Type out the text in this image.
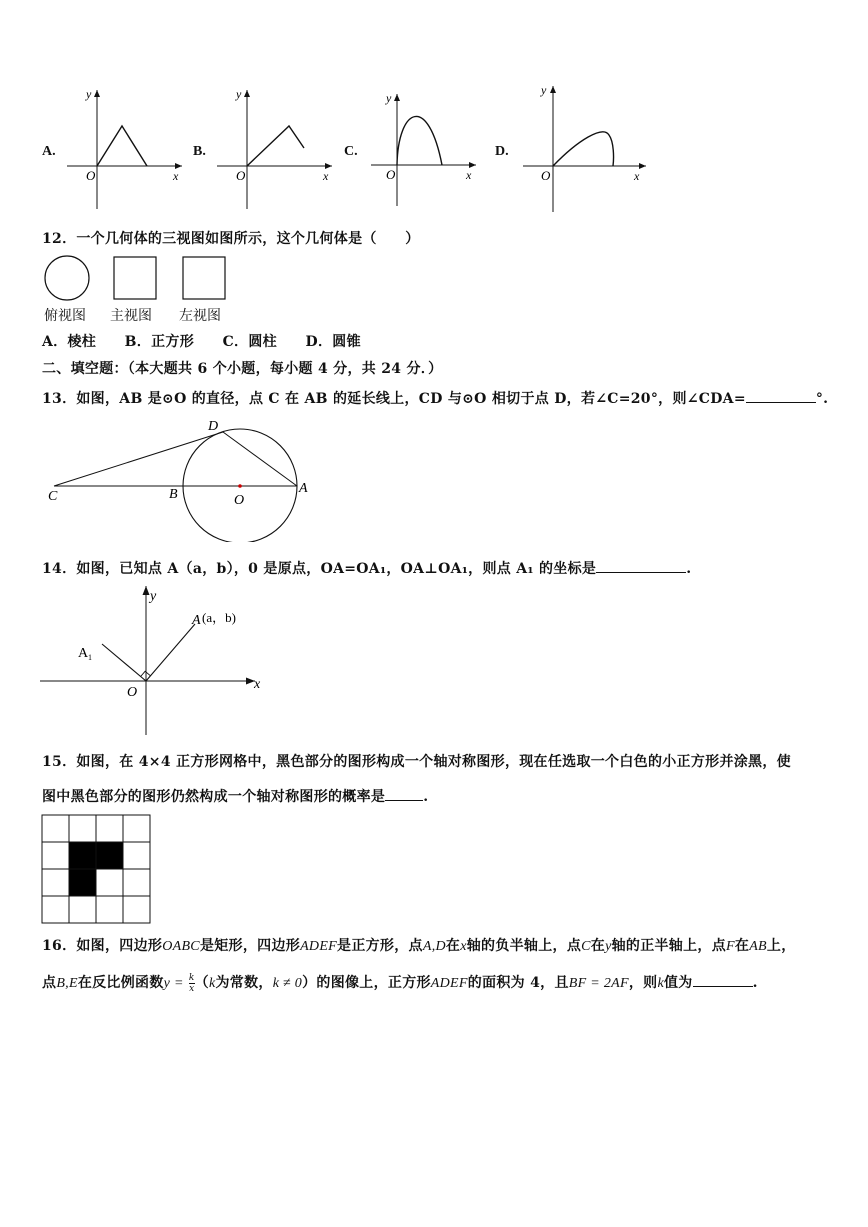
A.	B.	C.	D.
y
x
O
y
x
O
y
x
O
y
x
O
12．一个几何体的三视图如图所示，这个几何体是（　　）
俯视图 主视图 左视图
A．棱柱　　B．正方形　　C．圆柱　　D．圆锥
二、填空题：（本大题共 6 个小题，每小题 4 分，共 24 分．）
13．如图，AB 是⊙O 的直径，点 C 在 AB 的延长线上，CD 与⊙O 相切于点 D，若∠C=20°，则∠CDA=	°.
C	B	O
A
D
14．如图，已知点 A（a，b），0 是原点，OA=OA₁，OA⊥OA₁，则点 A₁ 的坐标是	.
y
x
O
A (a，b)
A 1
15．如图，在 4×4 正方形网格中，黑色部分的图形构成一个轴对称图形，现在任选取一个白色的小正方形并涂黑，使
图中黑色部分的图形仍然构成一个轴对称图形的概率是	.
16．如图，四边形OABC是矩形，四边形ADEF是正方形，点A,D在x轴的负半轴上，点C在y轴的正半轴上，点F在AB上，
点B,E在反比例函数$y = \frac{k}{x} (k$为常数，k ≠ 0）的图像上，正方形ADEF的面积为 4，且BF = 2AF，则k值为	.
